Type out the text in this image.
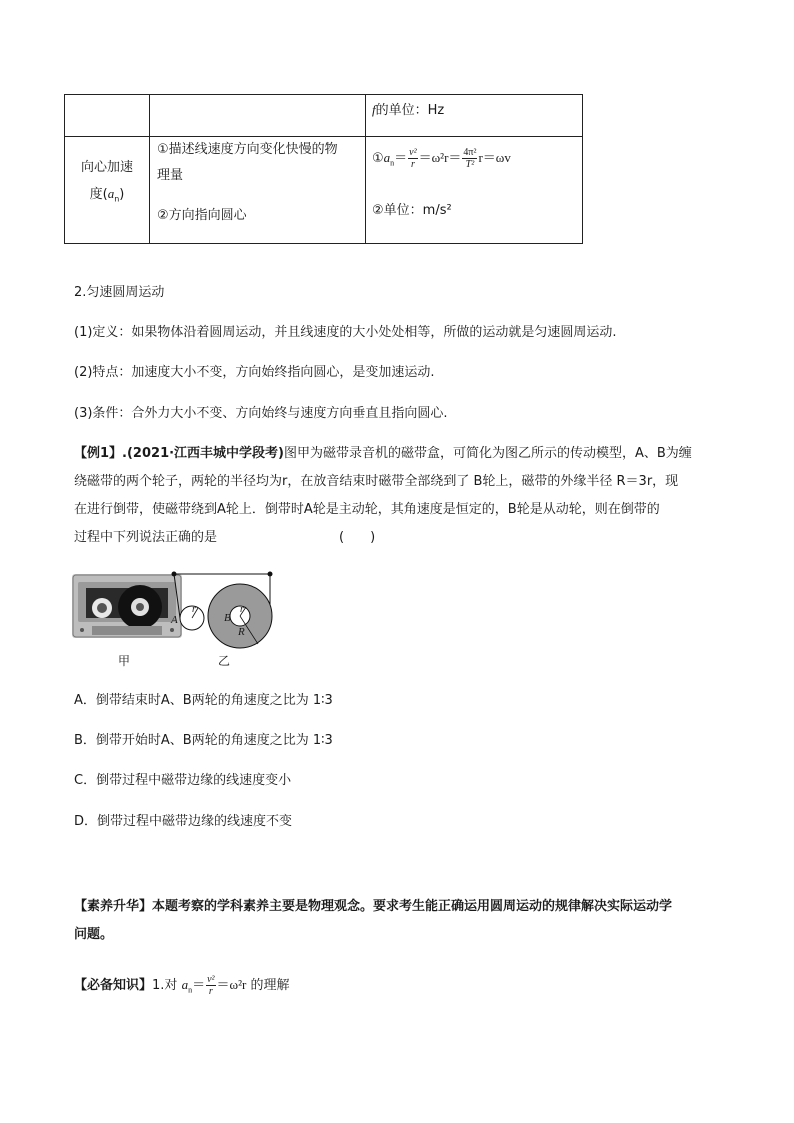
f的单位：Hz
向心加速
度$(a_n)$
①描述线速度方向变化快慢的物
理量
②方向指向圆心
$①a_n= \frac{\text{v²}}{r} =\omega^2r= \frac{\text{4π²}}{\text{T²}} r=\omega v$
②单位：m/s²
2.匀速圆周运动
(1)定义：如果物体沿着圆周运动，并且线速度的大小处处相等，所做的运动就是匀速圆周运动.
(2)特点：加速度大小不变，方向始终指向圆心，是变加速运动.
(3)条件：合外力大小不变、方向始终与速度方向垂直且指向圆心.
【例1】.(2021·江西丰城中学段考)图甲为磁带录音机的磁带盒，可简化为图乙所示的传动模型，A、B为缠
绕磁带的两个轮子，两轮的半径均为r，在放音结束时磁带全部绕到了 B轮上，磁带的外缘半径 R＝3r，现
在进行倒带，使磁带绕到A轮上．倒带时A轮是主动轮，其角速度是恒定的，B轮是从动轮，则在倒带的
过程中下列说法正确的是	(　　)
甲
A
r
B
r
R
乙
A．倒带结束时A、B两轮的角速度之比为 1∶3
B．倒带开始时A、B两轮的角速度之比为 1∶3
C．倒带过程中磁带边缘的线速度变小
D．倒带过程中磁带边缘的线速度不变
【素养升华】本题考察的学科素养主要是物理观念。要求考生能正确运用圆周运动的规律解决实际运动学
问题。
【必备知识】1.对 $a_n= \frac{\text{v²}}{r} =\omega^2r$ 的理解
